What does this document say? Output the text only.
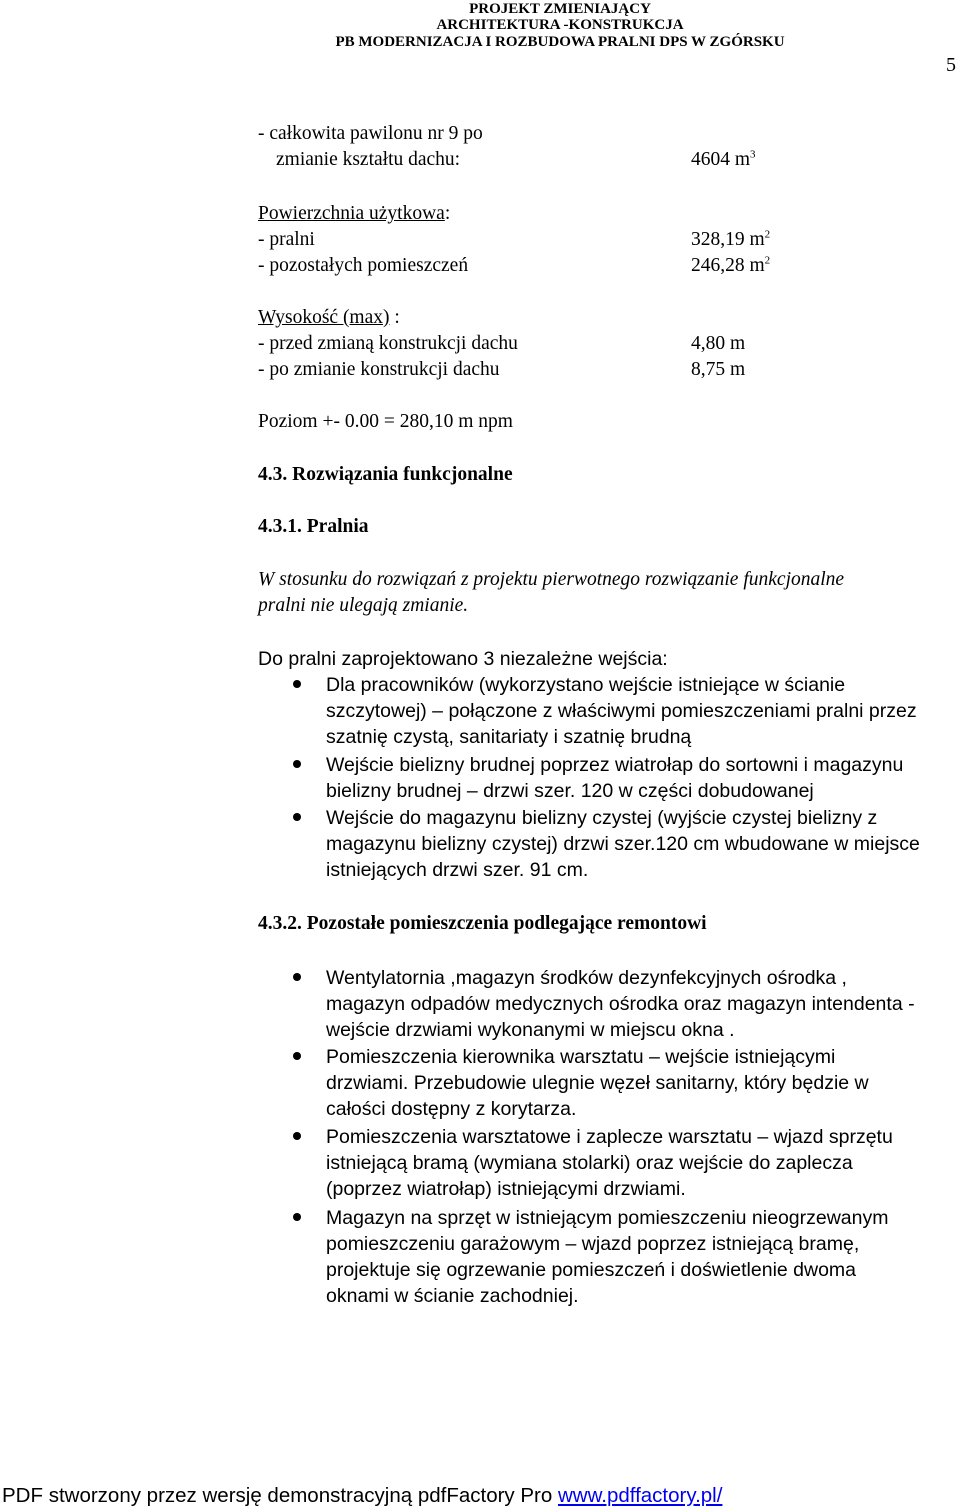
PROJEKT ZMIENIAJĄCY
ARCHITEKTURA -KONSTRUKCJA
PB MODERNIZACJA I ROZBUDOWA PRALNI DPS W ZGÓRSKU
5
- całkowita pawilonu nr 9 po
zmianie kształtu dachu:	4604 $m^3$
Powierzchnia użytkowa:
- pralni	328,19 $m^2$
- pozostałych pomieszczeń	246,28 $m^2$
Wysokość (max) :
- przed zmianą konstrukcji dachu	4,80 m
- po zmianie konstrukcji dachu	8,75 m
Poziom +- 0.00 = 280,10 m npm
4.3. Rozwiązania funkcjonalne
4.3.1. Pralnia
W stosunku do rozwiązań z projektu pierwotnego rozwiązanie funkcjonalne
pralni nie ulegają zmianie.
Do pralni zaprojektowano 3 niezależne wejścia:
Dla pracowników (wykorzystano wejście istniejące w ścianie
szczytowej) – połączone z właściwymi pomieszczeniami pralni przez
szatnię czystą, sanitariaty i szatnię brudną
Wejście bielizny brudnej poprzez wiatrołap do sortowni i magazynu
bielizny brudnej – drzwi szer. 120 w części dobudowanej
Wejście do magazynu bielizny czystej (wyjście czystej bielizny z
magazynu bielizny czystej) drzwi szer.120 cm wbudowane w miejsce
istniejących drzwi szer. 91 cm.
4.3.2. Pozostałe pomieszczenia podlegające remontowi
Wentylatornia ,magazyn środków dezynfekcyjnych ośrodka ,
magazyn odpadów medycznych ośrodka oraz magazyn intendenta -
wejście drzwiami wykonanymi w miejscu okna .
Pomieszczenia kierownika warsztatu – wejście istniejącymi
drzwiami. Przebudowie ulegnie węzeł sanitarny, który będzie w
całości dostępny z korytarza.
Pomieszczenia warsztatowe i zaplecze warsztatu – wjazd sprzętu
istniejącą bramą (wymiana stolarki) oraz wejście do zaplecza
(poprzez wiatrołap) istniejącymi drzwiami.
Magazyn na sprzęt w istniejącym pomieszczeniu nieogrzewanym
pomieszczeniu garażowym – wjazd poprzez istniejącą bramę,
projektuje się ogrzewanie pomieszczeń i doświetlenie dwoma
oknami w ścianie zachodniej.
PDF stworzony przez wersję demonstracyjną pdfFactory Pro www.pdffactory.pl/
